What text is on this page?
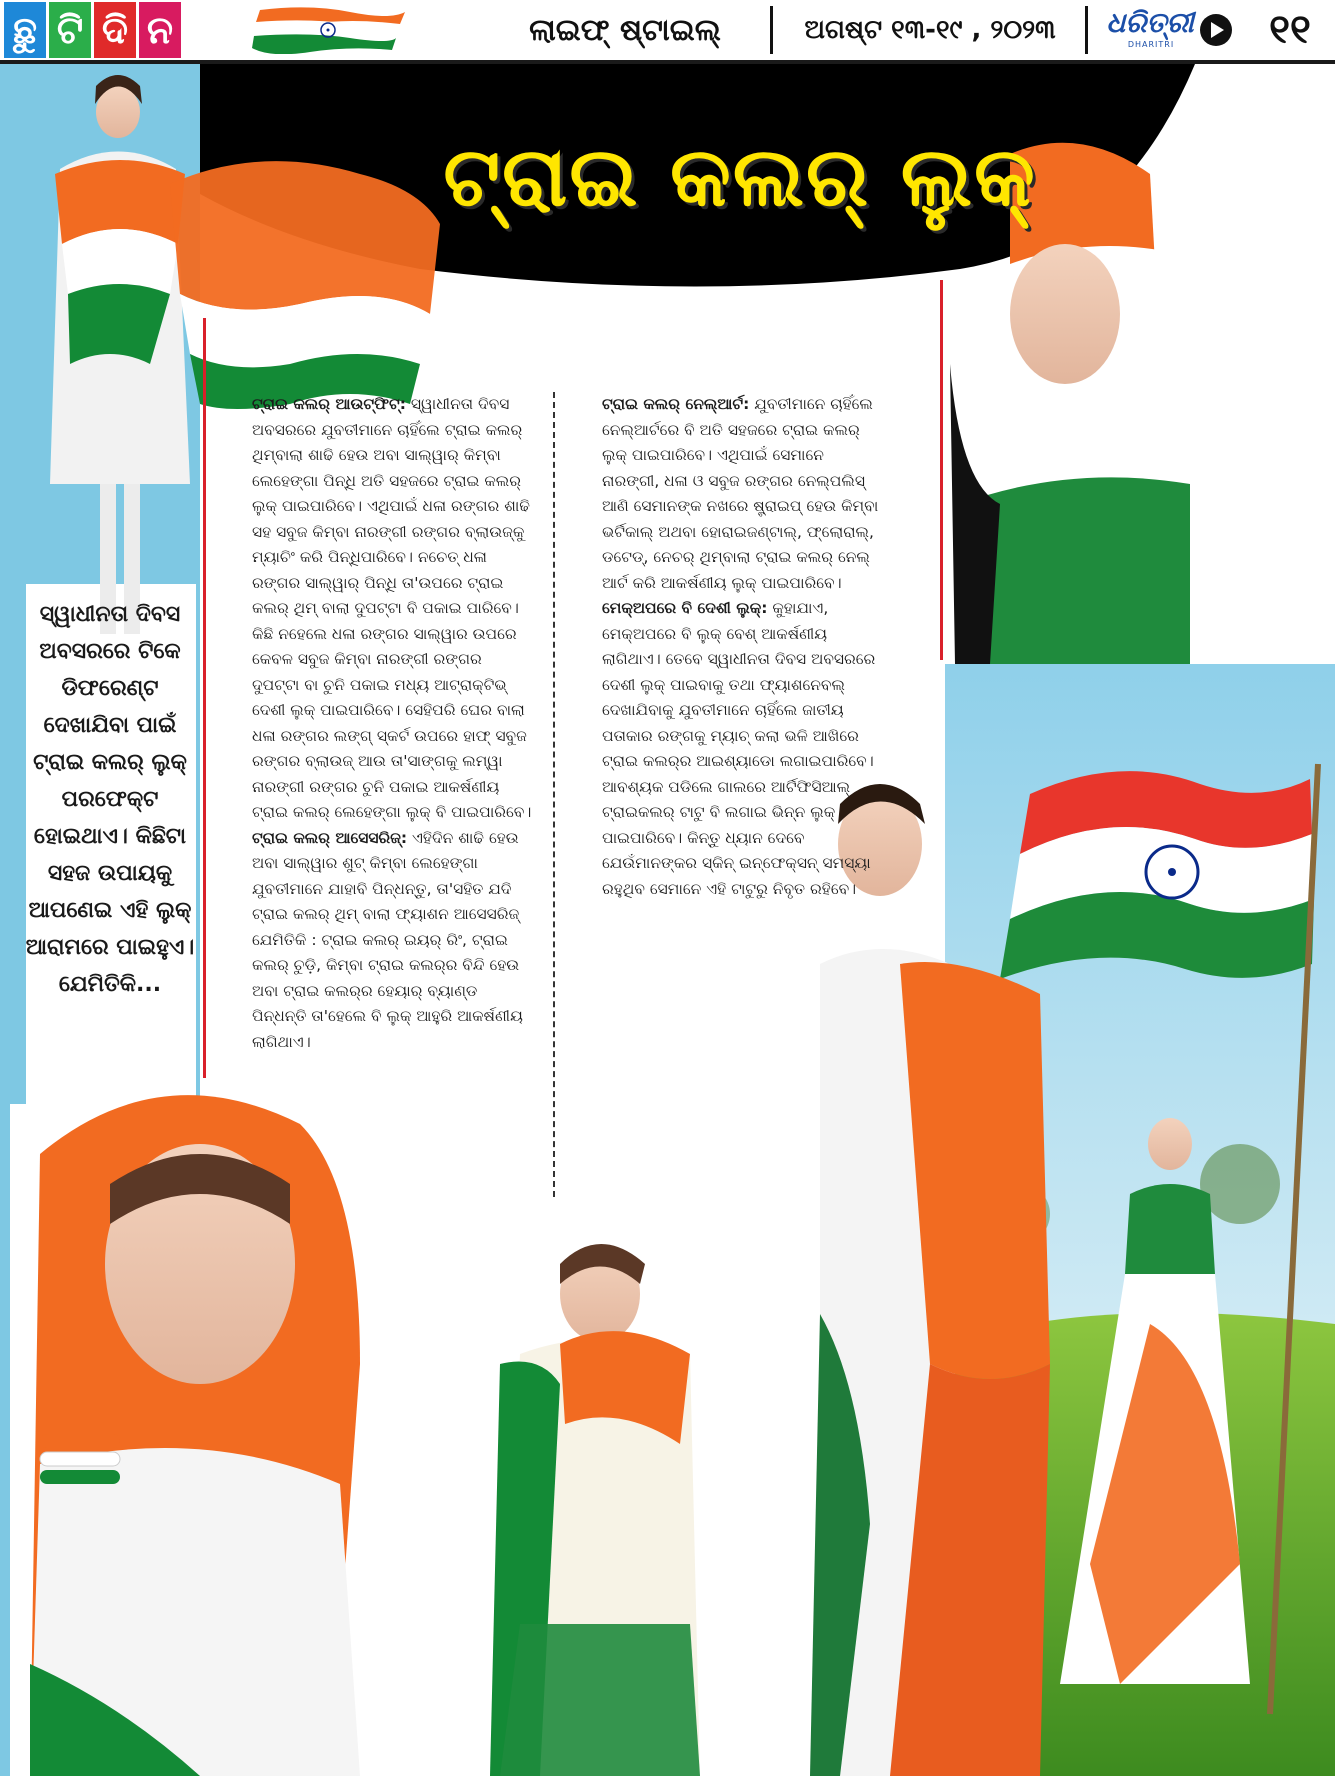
ଛୁ ଟି ଦି ନ	ଲାଇଫ୍ ଷ୍ଟାଇଲ୍	ଅଗଷ୍ଟ ୧୩-୧୯ , ୨୦୨୩	ଧରିତ୍ରୀ
DHARITRI	୧୧
ଟ୍ରାଇ କଲର୍ ଲୁକ୍
ସ୍ୱାଧୀନତା ଦିବସ ଅବସରରେ ଟିକେ ଡିଫରେଣ୍ଟ ଦେଖାଯିବା ପାଇଁ ଟ୍ରାଇ କଲର୍ ଲୁକ୍ ପରଫେକ୍ଟ ହୋଇଥାଏ। କିଛିଟା ସହଜ ଉପାୟକୁ ଆପଣେଇ ଏହି ଲୁକ୍ ଆରାମରେ ପାଇହୁଏ। ଯେମିତିକି...

ଟ୍ରାଇ କଲର୍ ଆଉଟ୍‌ଫିଟ୍: ସ୍ୱାଧୀନତା ଦିବସ ଅବସରରେ ଯୁବତୀମାନେ ଚାହିଁଲେ ଟ୍ରାଇ କଲର୍ ଥିମ୍‌ବାଲା ଶାଢି ହେଉ ଅବା ସାଲ୍ୱାର୍ କିମ୍ବା ଲେହେଙ୍ଗା ପିନ୍ଧି ଅତି ସହଜରେ ଟ୍ରାଇ କଲର୍ ଲୁକ୍ ପାଇପାରିବେ। ଏଥିପାଇଁ ଧଳା ରଙ୍ଗର ଶାଢି ସହ ସବୁଜ କିମ୍ବା ନାରଙ୍ଗୀ ରଙ୍ଗର ବ୍ଲାଉଜ୍‌କୁ ମ୍ୟାଚିଂ କରି ପିନ୍ଧିପାରିବେ। ନଚେତ୍ ଧଳା ରଙ୍ଗର ସାଲ୍ୱାର୍ ପିନ୍ଧି ତା'ଉପରେ ଟ୍ରାଇ କଲର୍ ଥିମ୍ ବାଲା ଦୁପଟ୍ଟା ବି ପକାଇ ପାରିବେ। କିଛି ନହେଲେ ଧଳା ରଙ୍ଗର ସାଲ୍ୱାର ଉପରେ କେବଳ ସବୁଜ କିମ୍ବା ନାରଙ୍ଗୀ ରଙ୍ଗର ଦୁପଟ୍ଟା ବା ଚୁନି ପକାଇ ମଧ୍ୟ ଆଟ୍ରାକ୍ଟିଭ୍ ଦେଶୀ ଲୁକ୍ ପାଇପାରିବେ। ସେହିପରି ଘେର ବାଲା ଧଳା ରଙ୍ଗର ଲଙ୍ଗ୍ ସ୍କର୍ଟ ଉପରେ ହାଫ୍ ସବୁଜ ରଙ୍ଗର ବ୍ଲାଉଜ୍ ଆଉ ତା'ସାଙ୍ଗକୁ ଲମ୍ୱା ନାରଙ୍ଗୀ ରଙ୍ଗର ଚୁନି ପକାଇ ଆକର୍ଷଣୀୟ ଟ୍ରାଇ କଲର୍ ଲେହେଙ୍ଗା ଲୁକ୍ ବି ପାଇପାରିବେ।

ଟ୍ରାଇ କଲର୍ ଆସେସରିଜ୍: ଏହିଦିନ ଶାଢି ହେଉ ଅବା ସାଲ୍ୱାର ଶୁଟ୍ କିମ୍ବା ଲେହେଙ୍ଗା ଯୁବତୀମାନେ ଯାହାବି ପିନ୍ଧନ୍ତୁ, ତା'ସହିତ ଯଦି ଟ୍ରାଇ କଲର୍ ଥିମ୍ ବାଲା ଫ୍ୟାଶନ ଆସେସରିଜ୍ ଯେମିତିକି : ଟ୍ରାଇ କଲର୍ ଇୟର୍ ରିଂ, ଟ୍ରାଇ କଲର୍ ଚୁଡ଼ି, କିମ୍ବା ଟ୍ରାଇ କଲର୍‌ର ବିନ୍ଦି ହେଉ ଅବା ଟ୍ରାଇ କଲର୍‌ର ହେୟାର୍ ବ୍ୟାଣ୍ଡ ପିନ୍ଧନ୍ତି ତା'ହେଲେ ବି ଲୁକ୍ ଆହୁରି ଆକର୍ଷଣୀୟ ଲାଗିଥାଏ।

ଟ୍ରାଇ କଲର୍ ନେଲ୍‌ଆର୍ଟ: ଯୁବତୀମାନେ ଚାହିଁଲେ ନେଲ୍‌ଆର୍ଟରେ ବି ଅତି ସହଜରେ ଟ୍ରାଇ କଲର୍ ଲୁକ୍ ପାଇପାରିବେ। ଏଥିପାଇଁ ସେମାନେ ନାରଙ୍ଗୀ, ଧଳା ଓ ସବୁଜ ରଙ୍ଗର ନେଲ୍‌ପଲିସ୍ ଆଣି ସେମାନଙ୍କ ନଖରେ ଷ୍ଟ୍ରାଇପ୍ ହେଉ କିମ୍ବା ଭର୍ଟିକାଲ୍ ଅଥବା ହୋରାଇଜଣ୍ଟାଲ୍, ଫ୍ଲୋରାଲ୍, ଡଟେଡ୍, ନେଚର୍ ଥିମ୍‌ବାଲା ଟ୍ରାଇ କଲର୍ ନେଲ୍ ଆର୍ଟ କରି ଆକର୍ଷଣୀୟ ଲୁକ୍ ପାଇପାରିବେ।

ମେକ୍‌ଅପରେ ବି ଦେଶୀ ଲୁକ୍: କୁହାଯାଏ, ମେକ୍‌ଅପରେ ବି ଲୁକ୍ ବେଶ୍ ଆକର୍ଷଣୀୟ ଲାଗିଥାଏ। ତେବେ ସ୍ୱାଧୀନତା ଦିବସ ଅବସରରେ ଦେଶୀ ଲୁକ୍ ପାଇବାକୁ ତଥା ଫ୍ୟାଶନେବଲ୍ ଦେଖାଯିବାକୁ ଯୁବତୀମାନେ ଚାହିଁଲେ ଜାତୀୟ ପତାକାର ରଙ୍ଗକୁ ମ୍ୟାଚ୍ କଲା ଭଳି ଆଖିରେ ଟ୍ରାଇ କଲର୍‌ର ଆଇଶ୍ୟାଡୋ ଲଗାଇପାରିବେ। ଆବଶ୍ୟକ ପଡିଲେ ଗାଲରେ ଆର୍ଟିଫିସିଆଲ୍ ଟ୍ରାଇକଲର୍ ଟାଟୁ ବି ଲଗାଇ ଭିନ୍ନ ଲୁକ୍ ପାଇପାରିବେ। କିନ୍ତୁ ଧ୍ୟାନ ଦେବେ ଯେଉଁମାନଙ୍କର ସ୍କିନ୍ ଇନ୍‌ଫେକ୍‌ସନ୍ ସମସ୍ୟା ରହୁଥିବ ସେମାନେ ଏହି ଟାଟୁରୁ ନିବୃତ ରହିବେ।
